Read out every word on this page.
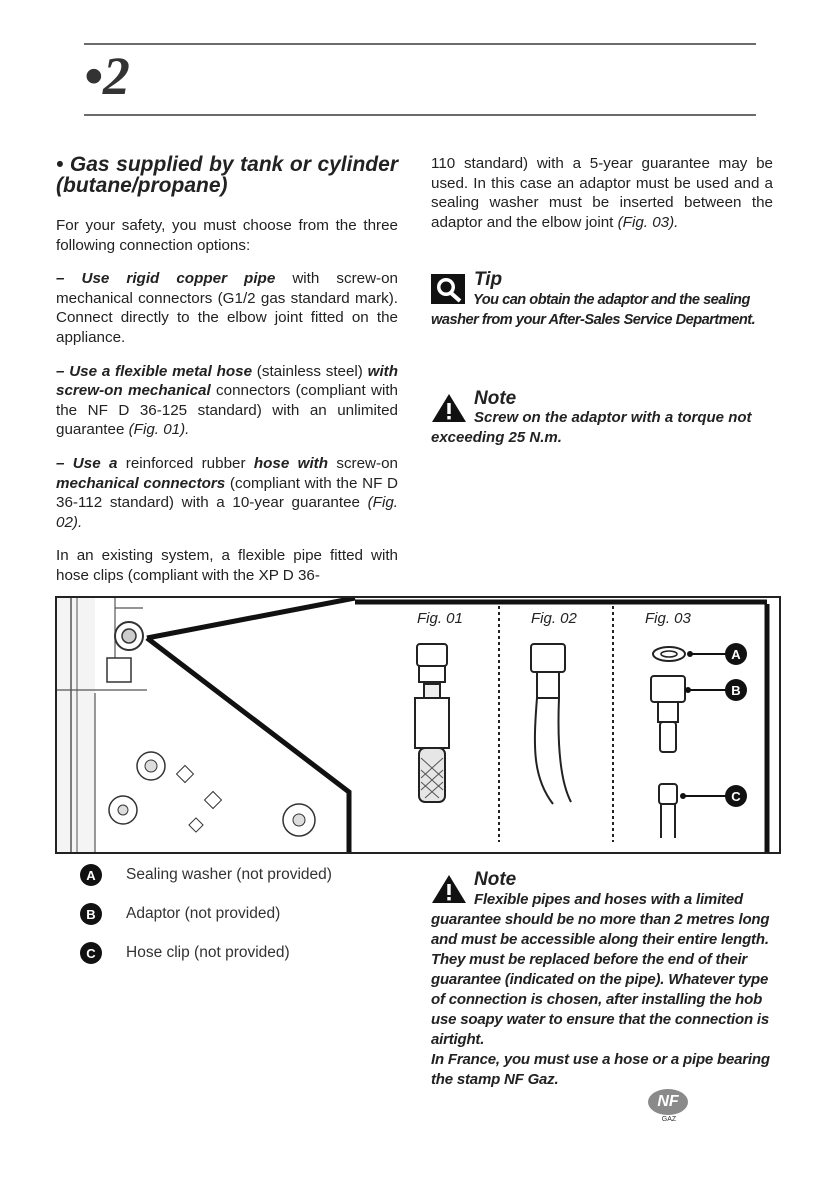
•2
• Gas supplied by tank or cylinder (butane/propane)

For your safety, you must choose from the three following connection options:

– Use rigid copper pipe with screw-on mechanical connectors (G1/2 gas standard mark). Connect directly to the elbow joint fitted on the appliance.

– Use a flexible metal hose (stainless steel) with screw-on mechanical connectors (compliant with the NF D 36-125 standard) with an unlimited guarantee (Fig. 01).

– Use a reinforced rubber hose with screw-on mechanical connectors (compliant with the NF D 36-112 standard) with a 10-year guarantee (Fig. 02).

In an existing system, a flexible pipe fitted with hose clips (compliant with the XP D 36-

110 standard) with a 5-year guarantee may be used. In this case an adaptor must be used and a sealing washer must be inserted between the adaptor and the elbow joint (Fig. 03).

Tip
You can obtain the adaptor and the sealing washer from your After-Sales Service Department.
Note
Screw on the adaptor with a torque not exceeding 25 N.m.
Fig. 01	Fig. 02	Fig. 03
A
B
C
A	Sealing washer (not provided)
B	Adaptor (not provided)
C	Hose clip (not provided)
Note
Flexible pipes and hoses with a limited guarantee should be no more than 2 metres long and must be accessible along their entire length. They must be replaced before the end of their guarantee (indicated on the pipe). Whatever type of connection is chosen, after installing the hob use soapy water to ensure that the connection is airtight.
In France, you must use a hose or a pipe bearing the stamp NF Gaz.
NF
GAZ
